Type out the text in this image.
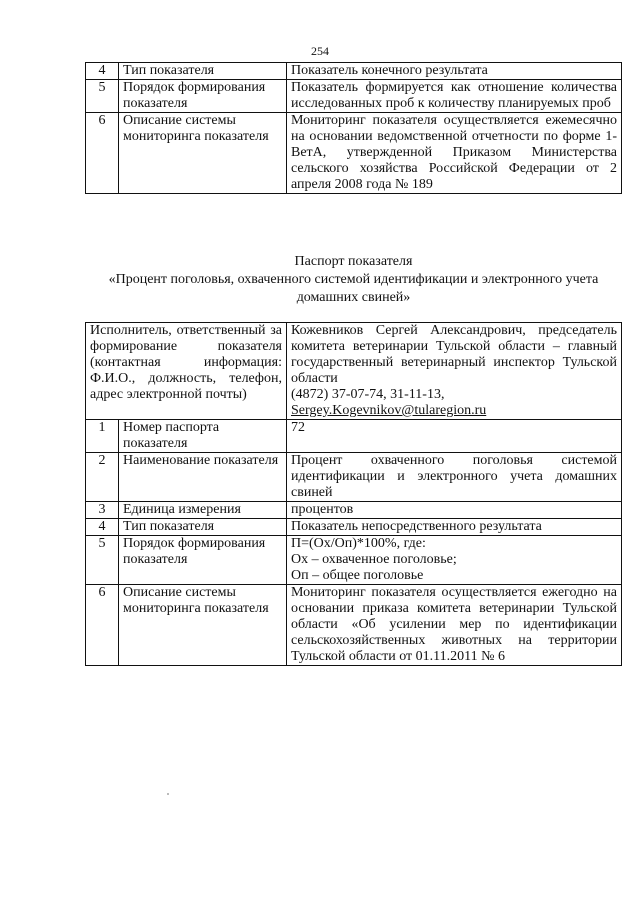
254
4	Тип показателя	Показатель конечного результата
5	Порядок формирования показателя	Показатель формируется как отношение количества исследованных проб к количеству планируемых проб
6	Описание системы мониторинга показателя	Мониторинг показателя осуществляется ежемесячно на основании ведомственной отчетности по форме 1-ВетА, утвержденной Приказом Министерства сельского хозяйства Российской Федерации от 2 апреля 2008 года № 189
Паспорт показателя
«Процент поголовья, охваченного системой идентификации и электронного учета домашних свиней»
Исполнитель, ответственный за формирование показателя (контактная информация: Ф.И.О., должность, телефон, адрес электронной почты)		Кожевников Сергей Александрович, председатель комитета ветеринарии Тульской области – главный государственный ветеринарный инспектор Тульской области
(4872) 37-07-74, 31-11-13,
Sergey.Kogevnikov@tularegion.ru

1	Номер паспорта показателя	72
2	Наименование показателя	Процент охваченного поголовья системой идентификации и электронного учета домашних свиней
3	Единица измерения	процентов
4	Тип показателя	Показатель непосредственного результата
5	Порядок формирования показателя	П=(Ох/Оп)*100%, где:
Ох – охваченное поголовье;
Оп – общее поголовье

6	Описание системы мониторинга показателя	Мониторинг показателя осуществляется ежегодно на основании приказа комитета ветеринарии Тульской области «Об усилении мер по идентификации сельскохозяйственных животных на территории Тульской области от 01.11.2011 № 6
